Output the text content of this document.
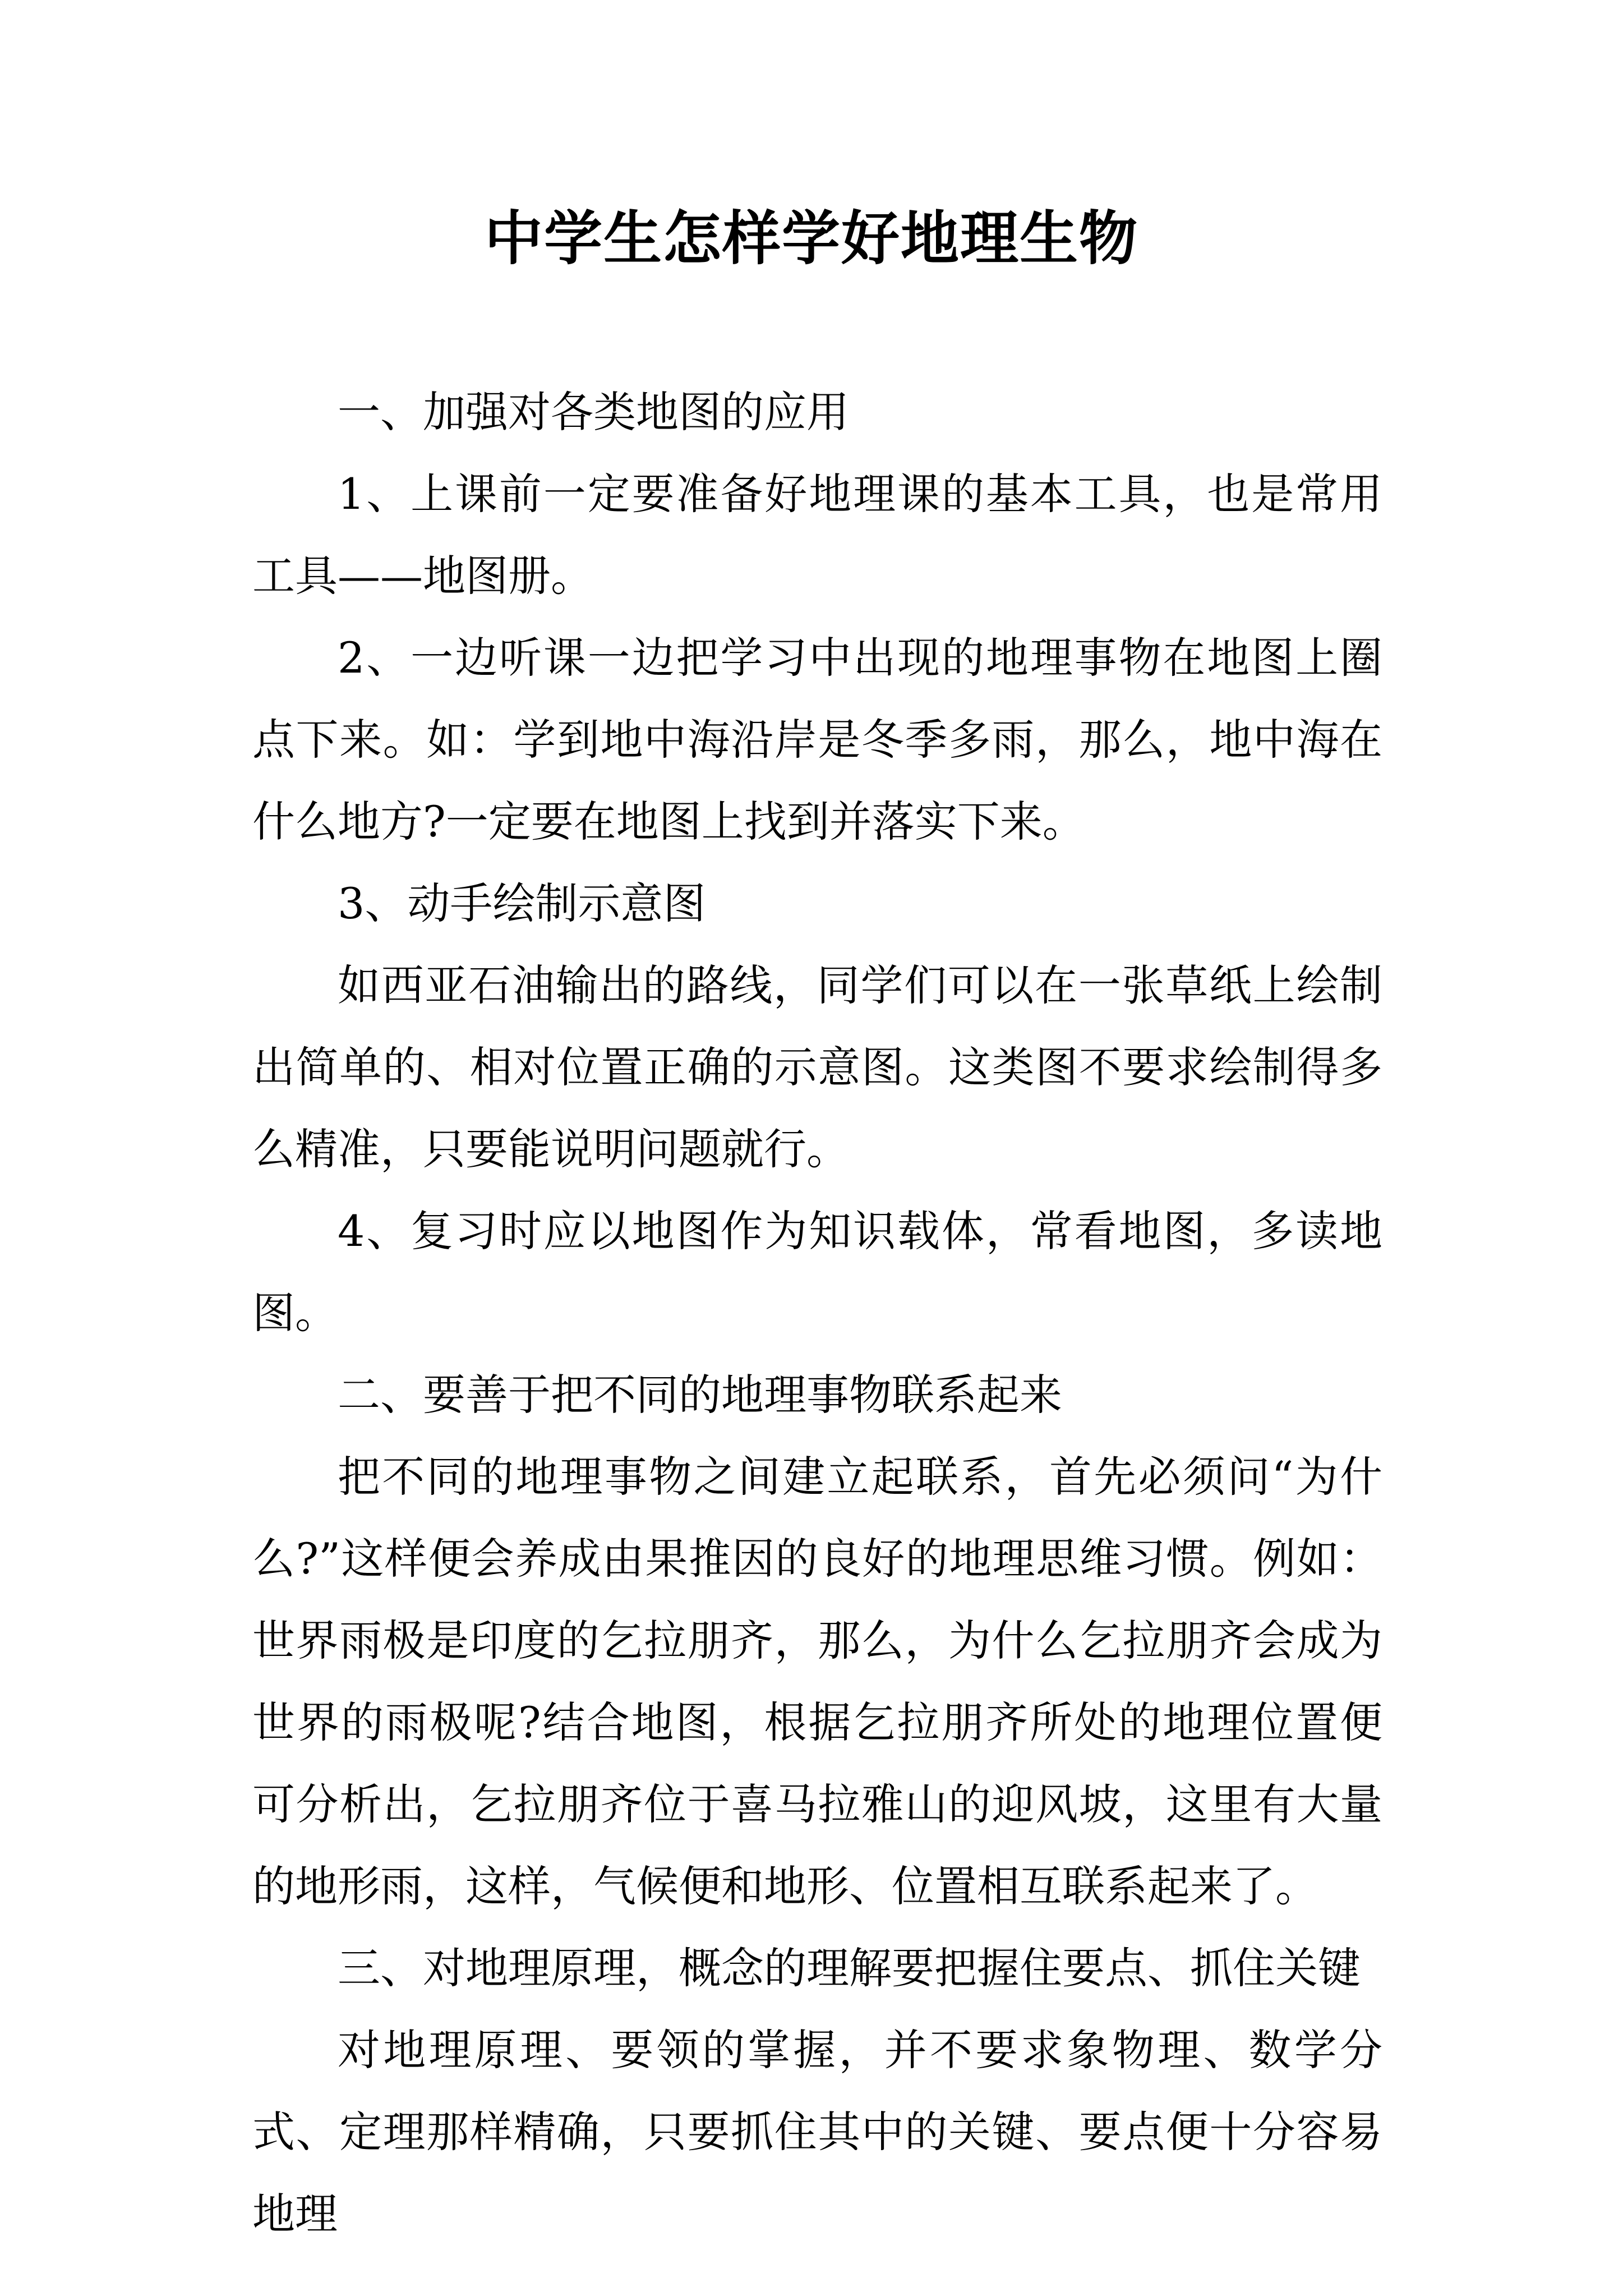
中学生怎样学好地理生物

一、加强对各类地图的应用

1、上课前一定要准备好地理课的基本工具，也是常用工具——地图册。

2、一边听课一边把学习中出现的地理事物在地图上圈点下来。如：学到地中海沿岸是冬季多雨，那么，地中海在什么地方?一定要在地图上找到并落实下来。

3、动手绘制示意图

如西亚石油输出的路线，同学们可以在一张草纸上绘制出简单的、相对位置正确的示意图。这类图不要求绘制得多么精准，只要能说明问题就行。

4、复习时应以地图作为知识载体，常看地图，多读地图。

二、要善于把不同的地理事物联系起来

把不同的地理事物之间建立起联系，首先必须问“为什么?”这样便会养成由果推因的良好的地理思维习惯。例如：世界雨极是印度的乞拉朋齐，那么，为什么乞拉朋齐会成为世界的雨极呢?结合地图，根据乞拉朋齐所处的地理位置便可分析出，乞拉朋齐位于喜马拉雅山的迎风坡，这里有大量的地形雨，这样，气候便和地形、位置相互联系起来了。

三、对地理原理，概念的理解要把握住要点、抓住关键

对地理原理、要领的掌握，并不要求象物理、数学分式、定理那样精确，只要抓住其中的关键、要点便十分容易地理
